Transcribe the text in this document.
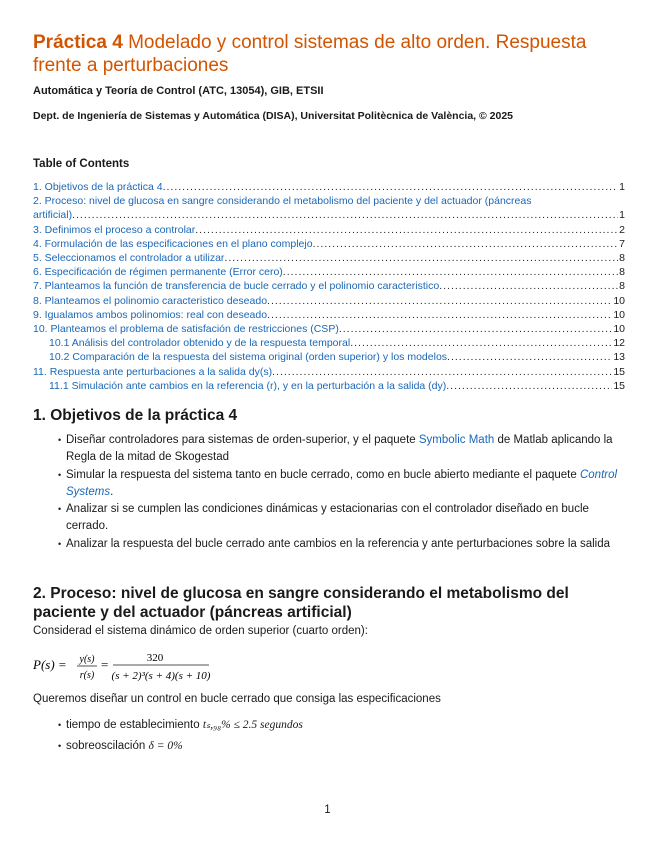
Práctica 4 Modelado y control sistemas de alto orden. Respuesta frente a perturbaciones
Automática y Teoría de Control (ATC, 13054), GIB, ETSII
Dept. de Ingeniería de Sistemas y Automática (DISA), Universitat Politècnica de València, © 2025
Table of Contents
1. Objetivos de la práctica 4 .....	1
2. Proceso: nivel de glucosa en sangre considerando el metabolismo del paciente y del actuador (páncreas
artificial) .....	1
3. Definimos el proceso a controlar .....	2
4. Formulación de las especificaciones en el plano complejo .....	7
5. Seleccionamos el controlador a utilizar .....	8
6. Especificación de régimen permanente (Error cero) .....	8
7. Planteamos la función de transferencia de bucle cerrado y el polinomio caracteristico .....	8
8. Planteamos el polinomio caracteristico deseado .....	10
9. Igualamos ambos polinomios: real con deseado .....	10
10. Planteamos el problema de satisfación de restricciones (CSP) .....	10
10.1 Análisis del controlador obtenido y de la respuesta temporal .....	12
10.2 Comparación de la respuesta del sistema original (orden superior) y los modelos .....	13
11. Respuesta ante perturbaciones a la salida dy(s) .....	15
11.1 Simulación ante cambios en la referencia (r), y en la perturbación a la salida (dy) .....	15
1. Objetivos de la práctica 4
• Diseñar controladores para sistemas de orden-superior, y el paquete Symbolic Math de Matlab aplicando la Regla de la mitad de Skogestad
• Simular la respuesta del sistema tanto en bucle cerrado, como en bucle abierto mediante el paquete Control Systems.
• Analizar si se cumplen las condiciones dinámicas y estacionarias con el controlador diseñado en bucle cerrado.
• Analizar la respuesta del bucle cerrado ante cambios en la referencia y ante perturbaciones sobre la salida
2. Proceso: nivel de glucosa en sangre considerando el metabolismo del paciente y del actuador (páncreas artificial)
Considerad el sistema dinámico de orden superior (cuarto orden):
P(s) = y(s)
r(s)
=	320
(s + 2)³(s + 4)(s + 10)
Queremos diseñar un control en bucle cerrado que consiga las especificaciones
• tiempo de establecimiento tₛ,₉₈% ≤ 2.5 segundos
• sobreoscilación δ = 0%
1
